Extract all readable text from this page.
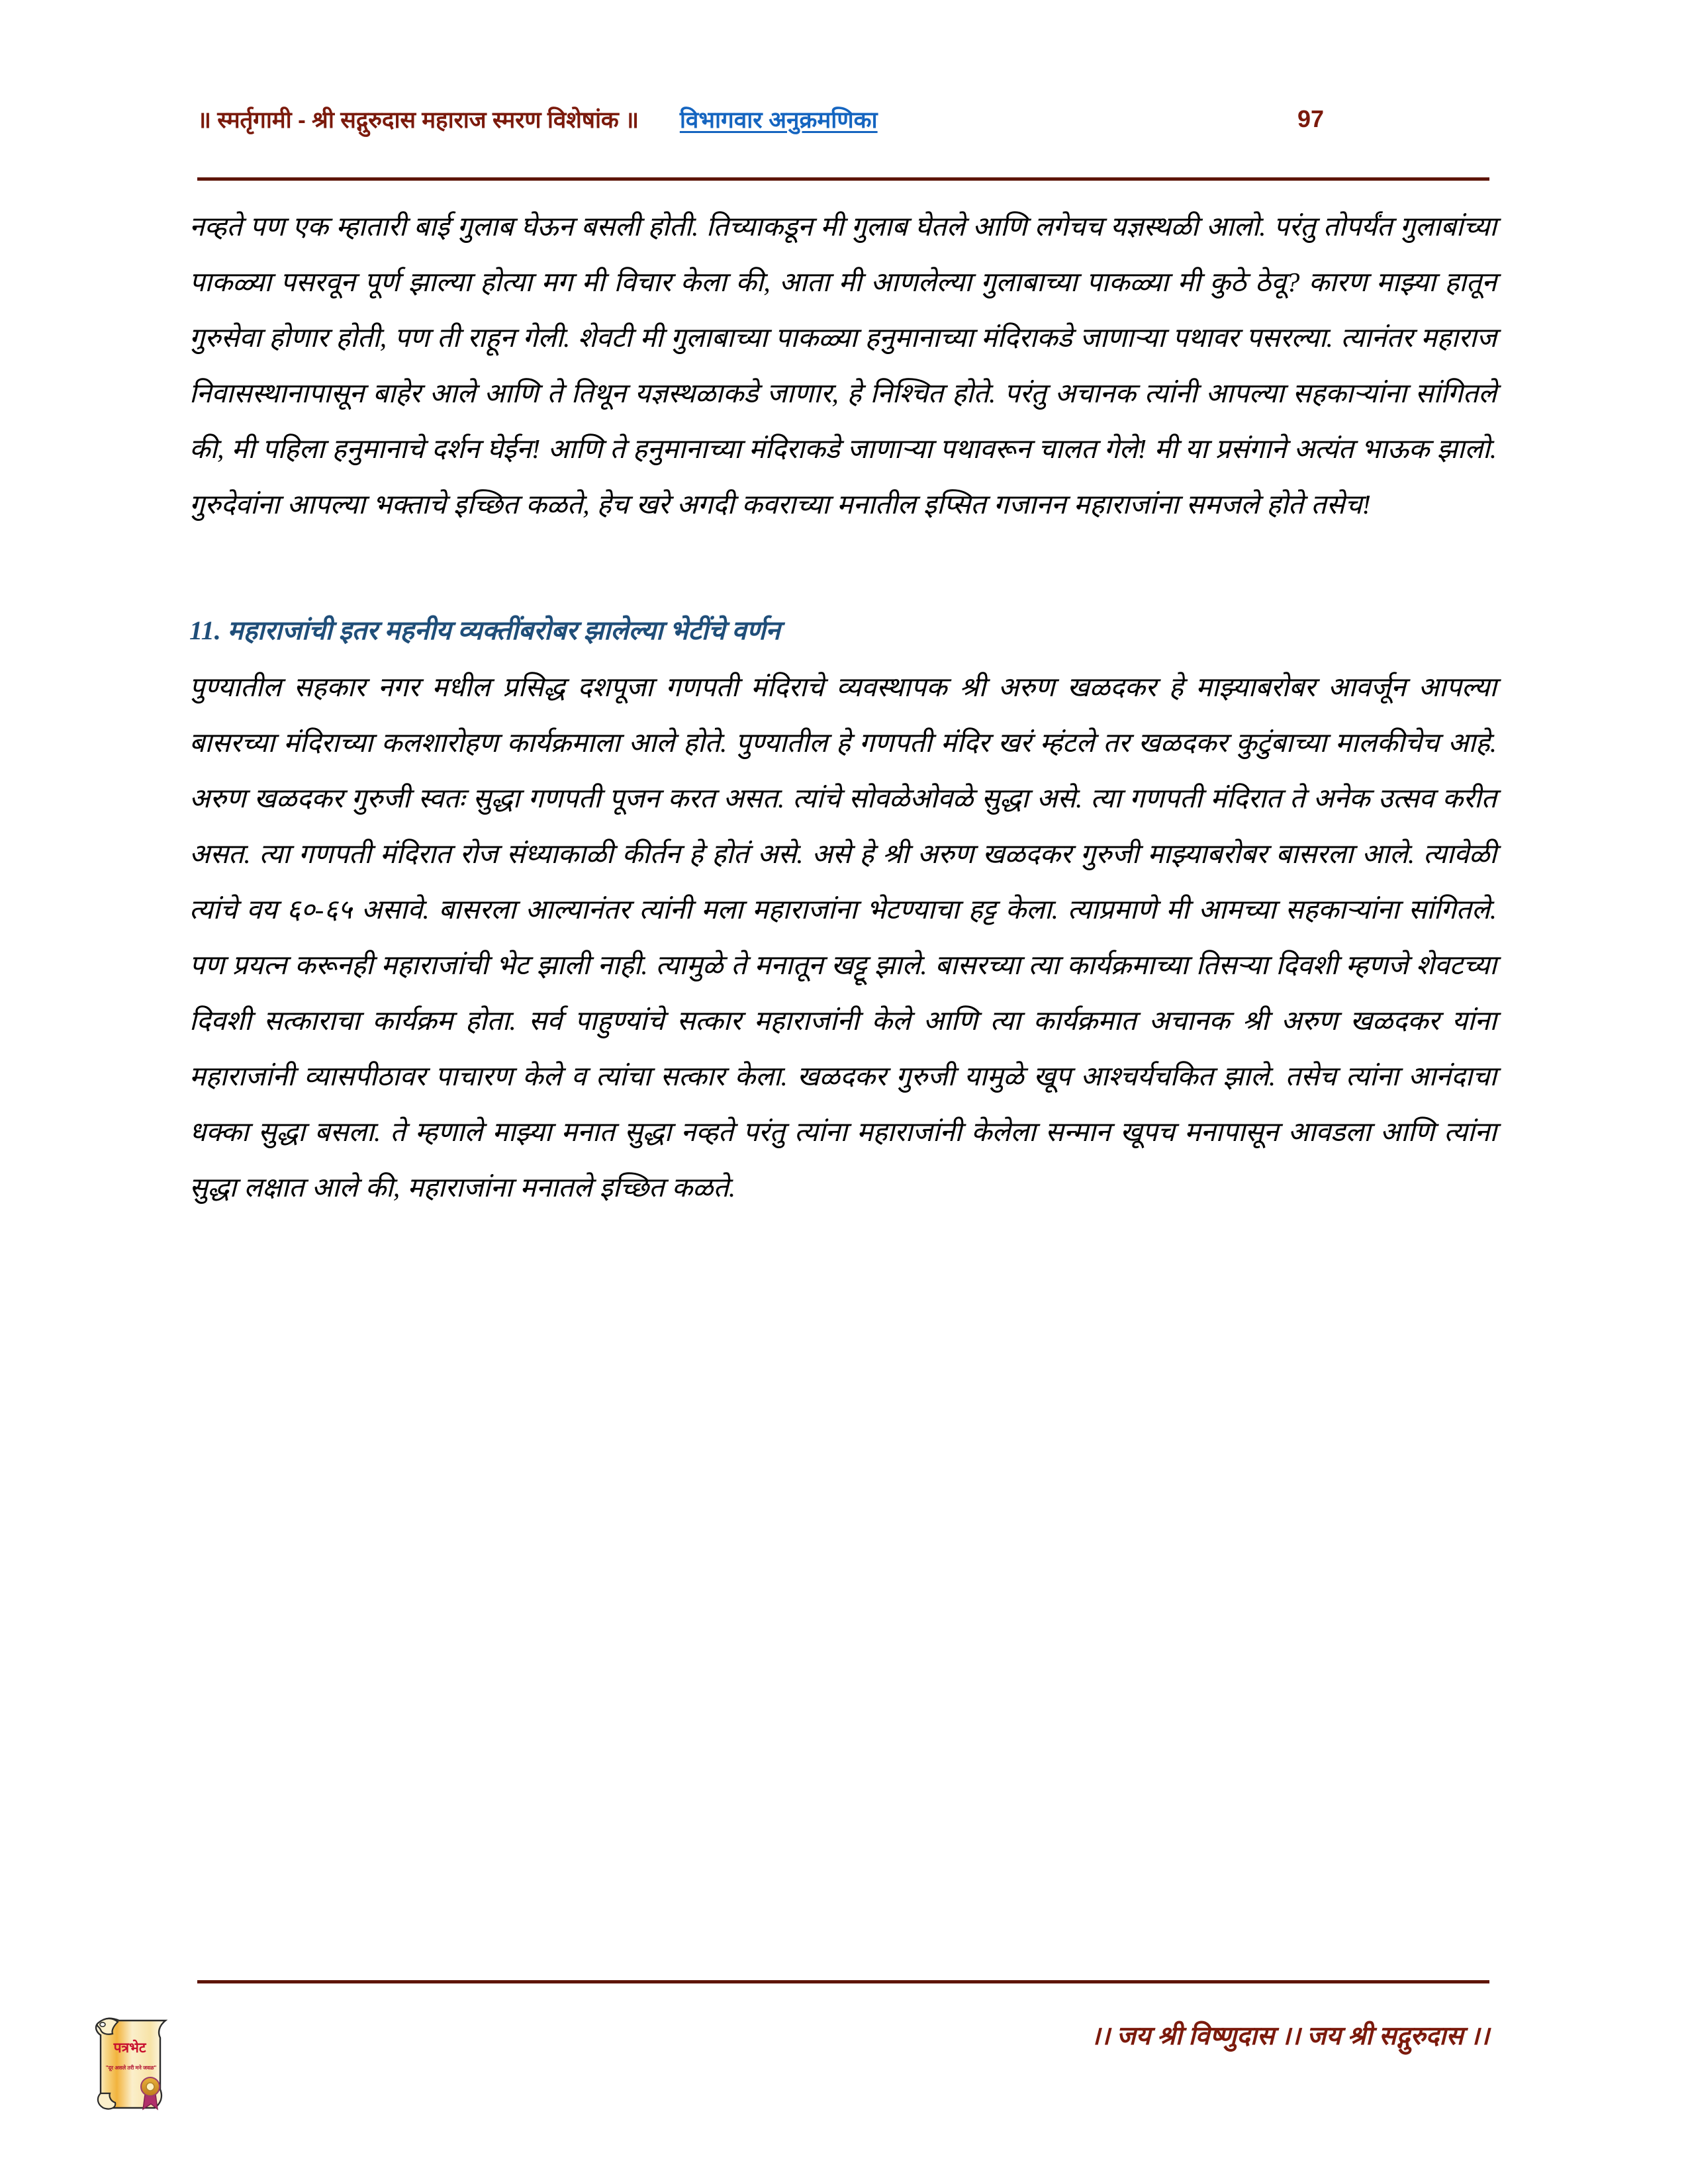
॥ स्मर्तृगामी - श्री सद्गुरुदास महाराज स्मरण विशेषांक ॥ विभागवार अनुक्रमणिका	97

नव्हते पण एक म्हातारी बाई गुलाब घेऊन बसली होती. तिच्याकडून मी गुलाब घेतले आणि लगेचच यज्ञस्थळी आलो. परंतु तोपर्यंत गुलाबांच्या पाकळ्या पसरवून पूर्ण झाल्या होत्या मग मी विचार केला की, आता मी आणलेल्या गुलाबाच्या पाकळ्या मी कुठे ठेवू? कारण माझ्या हातून गुरुसेवा होणार होती, पण ती राहून गेली. शेवटी मी गुलाबाच्या पाकळ्या हनुमानाच्या मंदिराकडे जाणाऱ्या पथावर पसरल्या. त्यानंतर महाराज निवासस्थानापासून बाहेर आले आणि ते तिथून यज्ञस्थळाकडे जाणार, हे निश्चित होते. परंतु अचानक त्यांनी आपल्या सहकाऱ्यांना सांगितले की, मी पहिला हनुमानाचे दर्शन घेईन! आणि ते हनुमानाच्या मंदिराकडे जाणाऱ्या पथावरून चालत गेले! मी या प्रसंगाने अत्यंत भाऊक झालो. गुरुदेवांना आपल्या भक्ताचे इच्छित कळते, हेच खरे अगदी कवराच्या मनातील इप्सित गजानन महाराजांना समजले होते तसेच!

11. महाराजांची इतर महनीय व्यक्तींबरोबर झालेल्या भेटींचे वर्णन

पुण्यातील सहकार नगर मधील प्रसिद्ध दशपूजा गणपती मंदिराचे व्यवस्थापक श्री अरुण खळदकर हे माझ्याबरोबर आवर्जून आपल्या बासरच्या मंदिराच्या कलशारोहण कार्यक्रमाला आले होते. पुण्यातील हे गणपती मंदिर खरं म्हंटले तर खळदकर कुटुंबाच्या मालकीचेच आहे. अरुण खळदकर गुरुजी स्वतः सुद्धा गणपती पूजन करत असत. त्यांचे सोवळेओवळे सुद्धा असे. त्या गणपती मंदिरात ते अनेक उत्सव करीत असत. त्या गणपती मंदिरात रोज संध्याकाळी कीर्तन हे होतं असे. असे हे श्री अरुण खळदकर गुरुजी माझ्याबरोबर बासरला आले. त्यावेळी त्यांचे वय ६०-६५ असावे. बासरला आल्यानंतर त्यांनी मला महाराजांना भेटण्याचा हट्ट केला. त्याप्रमाणे मी आमच्या सहकाऱ्यांना सांगितले. पण प्रयत्न करूनही महाराजांची भेट झाली नाही. त्यामुळे ते मनातून खट्टू झाले. बासरच्या त्या कार्यक्रमाच्या तिसऱ्या दिवशी म्हणजे शेवटच्या दिवशी सत्काराचा कार्यक्रम होता. सर्व पाहुण्यांचे सत्कार महाराजांनी केले आणि त्या कार्यक्रमात अचानक श्री अरुण खळदकर यांना महाराजांनी व्यासपीठावर पाचारण केले व त्यांचा सत्कार केला. खळदकर गुरुजी यामुळे खूप आश्चर्यचकित झाले. तसेच त्यांना आनंदाचा धक्का सुद्धा बसला. ते म्हणाले माझ्या मनात सुद्धा नव्हते परंतु त्यांना महाराजांनी केलेला सन्मान खूपच मनापासून आवडला आणि त्यांना सुद्धा लक्षात आले की, महाराजांना मनातले इच्छित कळते.

।। जय श्री विष्णुदास ।। जय श्री सद्गुरुदास ।।
पत्रभेट
"दूर असले तरी मने जवळ"
